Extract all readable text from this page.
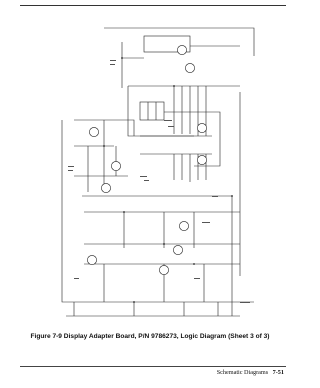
Figure 7-9 Display Adapter Board, P/N 9786273, Logic Diagram (Sheet 3 of 3)
Schematic Diagrams 7-51
